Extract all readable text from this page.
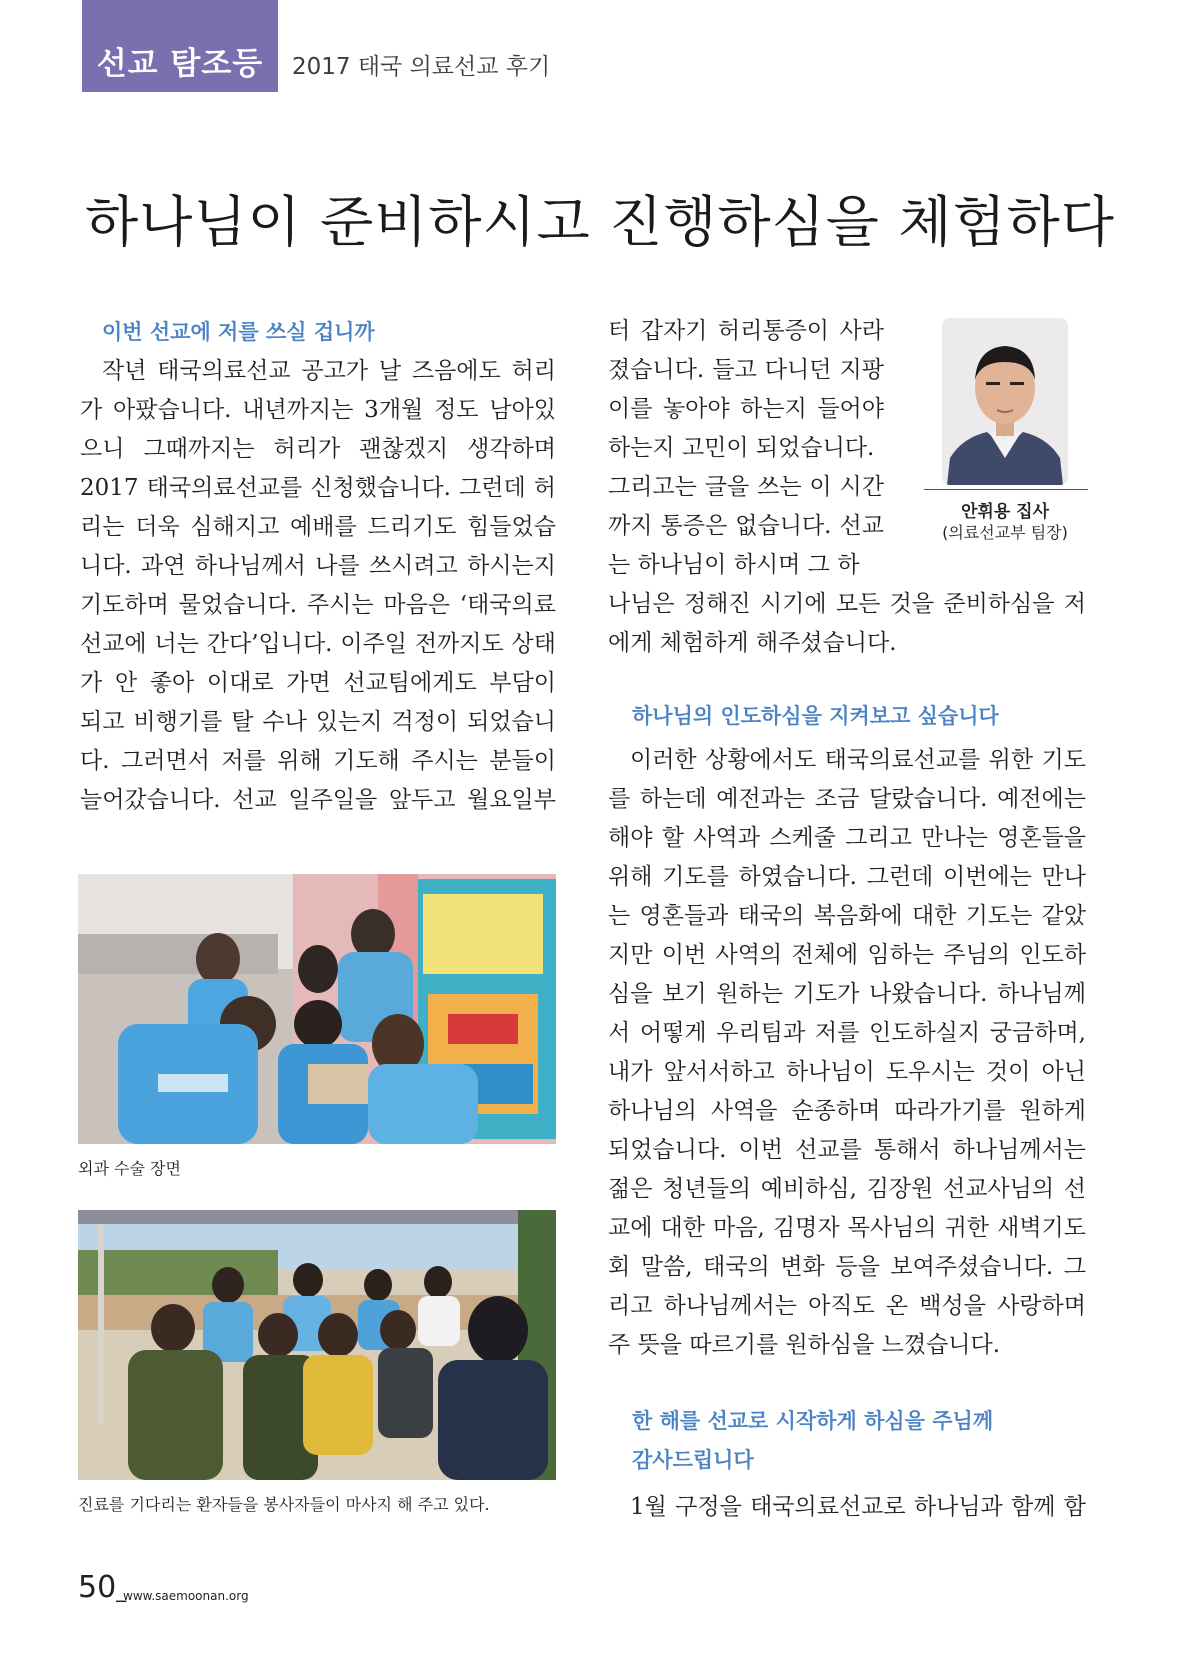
선교 탐조등	2017 태국 의료선교 후기
하나님이 준비하시고 진행하심을 체험하다
이번 선교에 저를 쓰실 겁니까
작년 태국의료선교 공고가 날 즈음에도 허리
가 아팠습니다. 내년까지는 3개월 정도 남아있
으니 그때까지는 허리가 괜찮겠지 생각하며
2017 태국의료선교를 신청했습니다. 그런데 허
리는 더욱 심해지고 예배를 드리기도 힘들었습
니다. 과연 하나님께서 나를 쓰시려고 하시는지
기도하며 물었습니다. 주시는 마음은 ‘태국의료
선교에 너는 간다’입니다. 이주일 전까지도 상태
가 안 좋아 이대로 가면 선교팀에게도 부담이
되고 비행기를 탈 수나 있는지 걱정이 되었습니
다. 그러면서 저를 위해 기도해 주시는 분들이
늘어갔습니다. 선교 일주일을 앞두고 월요일부
외과 수술 장면
진료를 기다리는 환자들을 봉사자들이 마사지 해 주고 있다.
안휘용 집사
(의료선교부 팀장)
터 갑자기 허리통증이 사라
졌습니다. 들고 다니던 지팡
이를 놓아야 하는지 들어야
하는지 고민이 되었습니다.
그리고는 글을 쓰는 이 시간
까지 통증은 없습니다. 선교
는 하나님이 하시며 그 하
나님은 정해진 시기에 모든 것을 준비하심을 저
에게 체험하게 해주셨습니다.
하나님의 인도하심을 지켜보고 싶습니다
이러한 상황에서도 태국의료선교를 위한 기도
를 하는데 예전과는 조금 달랐습니다. 예전에는
해야 할 사역과 스케줄 그리고 만나는 영혼들을
위해 기도를 하였습니다. 그런데 이번에는 만나
는 영혼들과 태국의 복음화에 대한 기도는 같았
지만 이번 사역의 전체에 임하는 주님의 인도하
심을 보기 원하는 기도가 나왔습니다. 하나님께
서 어떻게 우리팀과 저를 인도하실지 궁금하며,
내가 앞서서하고 하나님이 도우시는 것이 아닌
하나님의 사역을 순종하며 따라가기를 원하게
되었습니다. 이번 선교를 통해서 하나님께서는
젊은 청년들의 예비하심, 김장원 선교사님의 선
교에 대한 마음, 김명자 목사님의 귀한 새벽기도
회 말씀, 태국의 변화 등을 보여주셨습니다. 그
리고 하나님께서는 아직도 온 백성을 사랑하며
주 뜻을 따르기를 원하심을 느꼈습니다.
한 해를 선교로 시작하게 하심을 주님께
감사드립니다
1월 구정을 태국의료선교로 하나님과 함께 함
50_
www.saemoonan.org
